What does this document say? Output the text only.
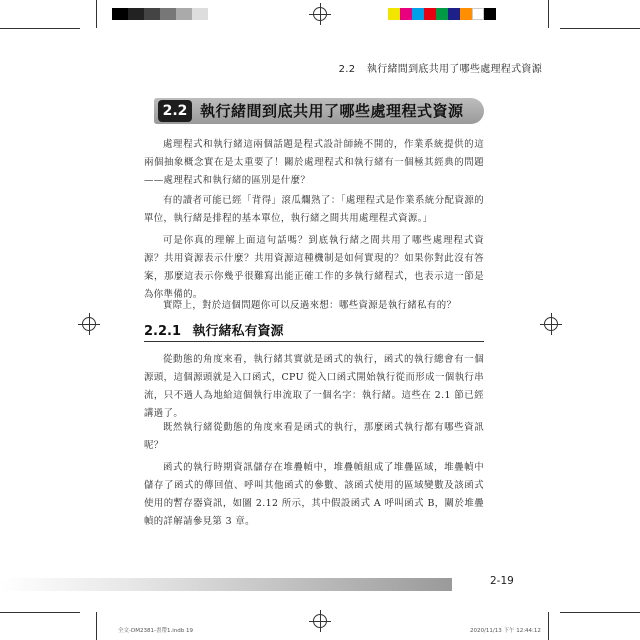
2.2 執行緒間到底共用了哪些處理程式資源
2.2 執行緒間到底共用了哪些處理程式資源

處理程式和執行緒這兩個話題是程式設計師繞不開的，作業系統提供的這兩個抽象概念實在是太重要了！關於處理程式和執行緒有一個極其經典的問題——處理程式和執行緒的區別是什麼？

有的讀者可能已經「背得」滾瓜爛熟了：「處理程式是作業系統分配資源的單位，執行緒是排程的基本單位，執行緒之間共用處理程式資源。」

可是你真的理解上面這句話嗎？到底執行緒之間共用了哪些處理程式資源？共用資源表示什麼？共用資源這種機制是如何實現的？如果你對此沒有答案，那麼這表示你幾乎很難寫出能正確工作的多執行緒程式，也表示這一節是為你準備的。

實際上，對於這個問題你可以反過來想：哪些資源是執行緒私有的？

2.2.1 執行緒私有資源

從動態的角度來看，執行緒其實就是函式的執行，函式的執行總會有一個源頭，這個源頭就是入口函式，CPU 從入口函式開始執行從而形成一個執行串流，只不過人為地給這個執行串流取了一個名字：執行緒。這些在 2.1 節已經講過了。

既然執行緒從動態的角度來看是函式的執行，那麼函式執行都有哪些資訊呢？

函式的執行時期資訊儲存在堆疊幀中，堆疊幀組成了堆疊區域，堆疊幀中儲存了函式的傳回值、呼叫其他函式的參數、該函式使用的區域變數及該函式使用的暫存器資訊，如圖 2.12 所示，其中假設函式 A 呼叫函式 B，關於堆疊幀的詳解請參見第 3 章。

2-19
全文-DM2381-書帶1.indb 19	2020/11/13 下午 12:44:12
